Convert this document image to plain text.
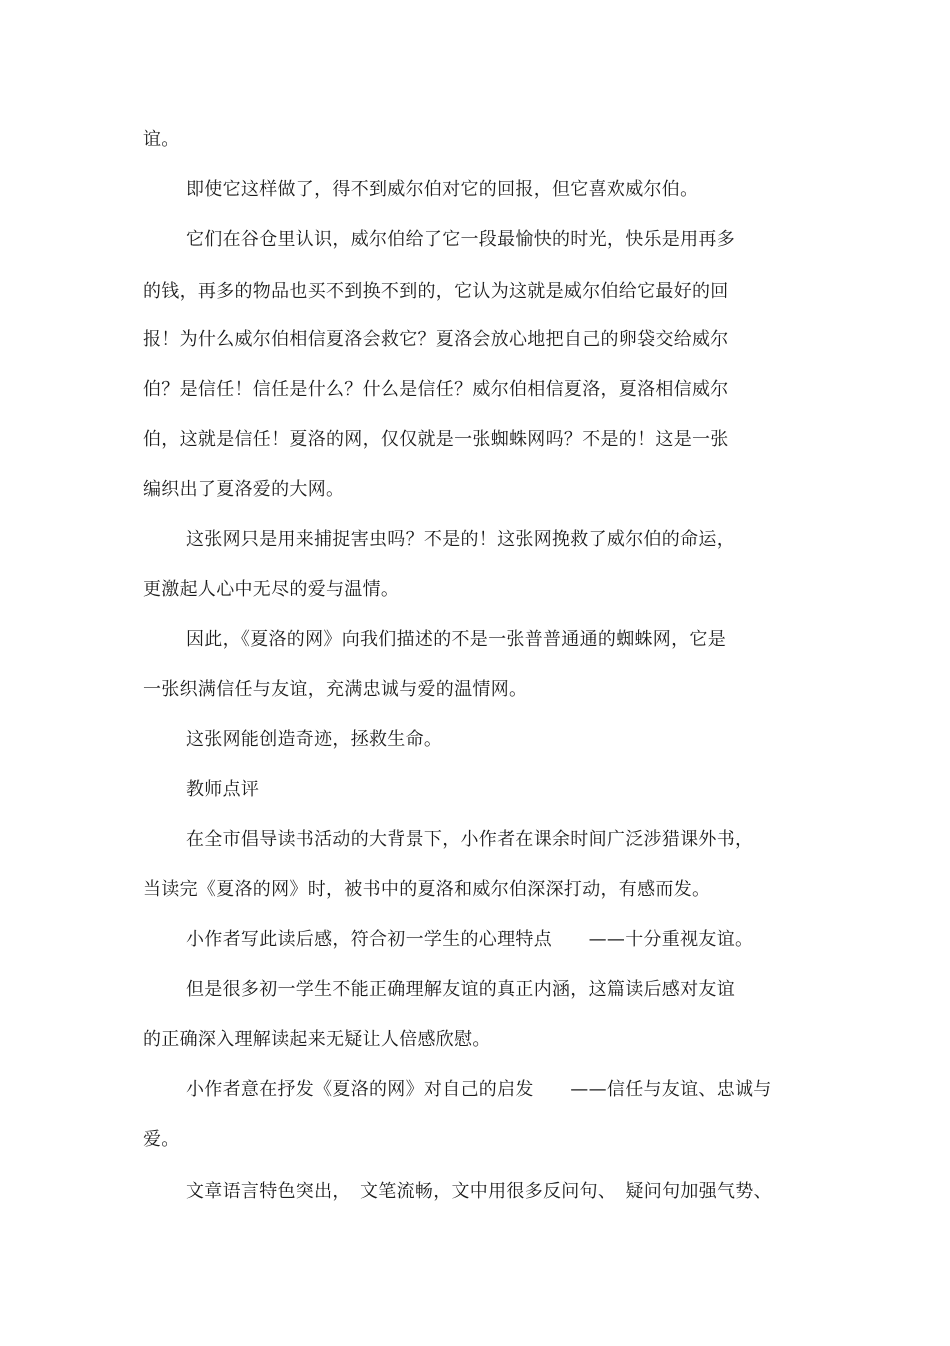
谊。

即使它这样做了，得不到威尔伯对它的回报，但它喜欢威尔伯。

它们在谷仓里认识，威尔伯给了它一段最愉快的时光，快乐是用再多

的钱，再多的物品也买不到换不到的，它认为这就是威尔伯给它最好的回

报！为什么威尔伯相信夏洛会救它？夏洛会放心地把自己的卵袋交给威尔

伯？是信任！信任是什么？什么是信任？威尔伯相信夏洛，夏洛相信威尔

伯，这就是信任！夏洛的网，仅仅就是一张蜘蛛网吗？不是的！这是一张

编织出了夏洛爱的大网。

这张网只是用来捕捉害虫吗？不是的！这张网挽救了威尔伯的命运，

更激起人心中无尽的爱与温情。

因此，《夏洛的网》向我们描述的不是一张普普通通的蜘蛛网，它是

一张织满信任与友谊，充满忠诚与爱的温情网。

这张网能创造奇迹，拯救生命。

教师点评

在全市倡导读书活动的大背景下，小作者在课余时间广泛涉猎课外书，

当读完《夏洛的网》时，被书中的夏洛和威尔伯深深打动，有感而发。

小作者写此读后感，符合初一学生的心理特点　　——十分重视友谊。

但是很多初一学生不能正确理解友谊的真正内涵，这篇读后感对友谊

的正确深入理解读起来无疑让人倍感欣慰。

小作者意在抒发《夏洛的网》对自己的启发　　——信任与友谊、忠诚与

爱。

文章语言特色突出，　文笔流畅，文中用很多反问句、　疑问句加强气势、
